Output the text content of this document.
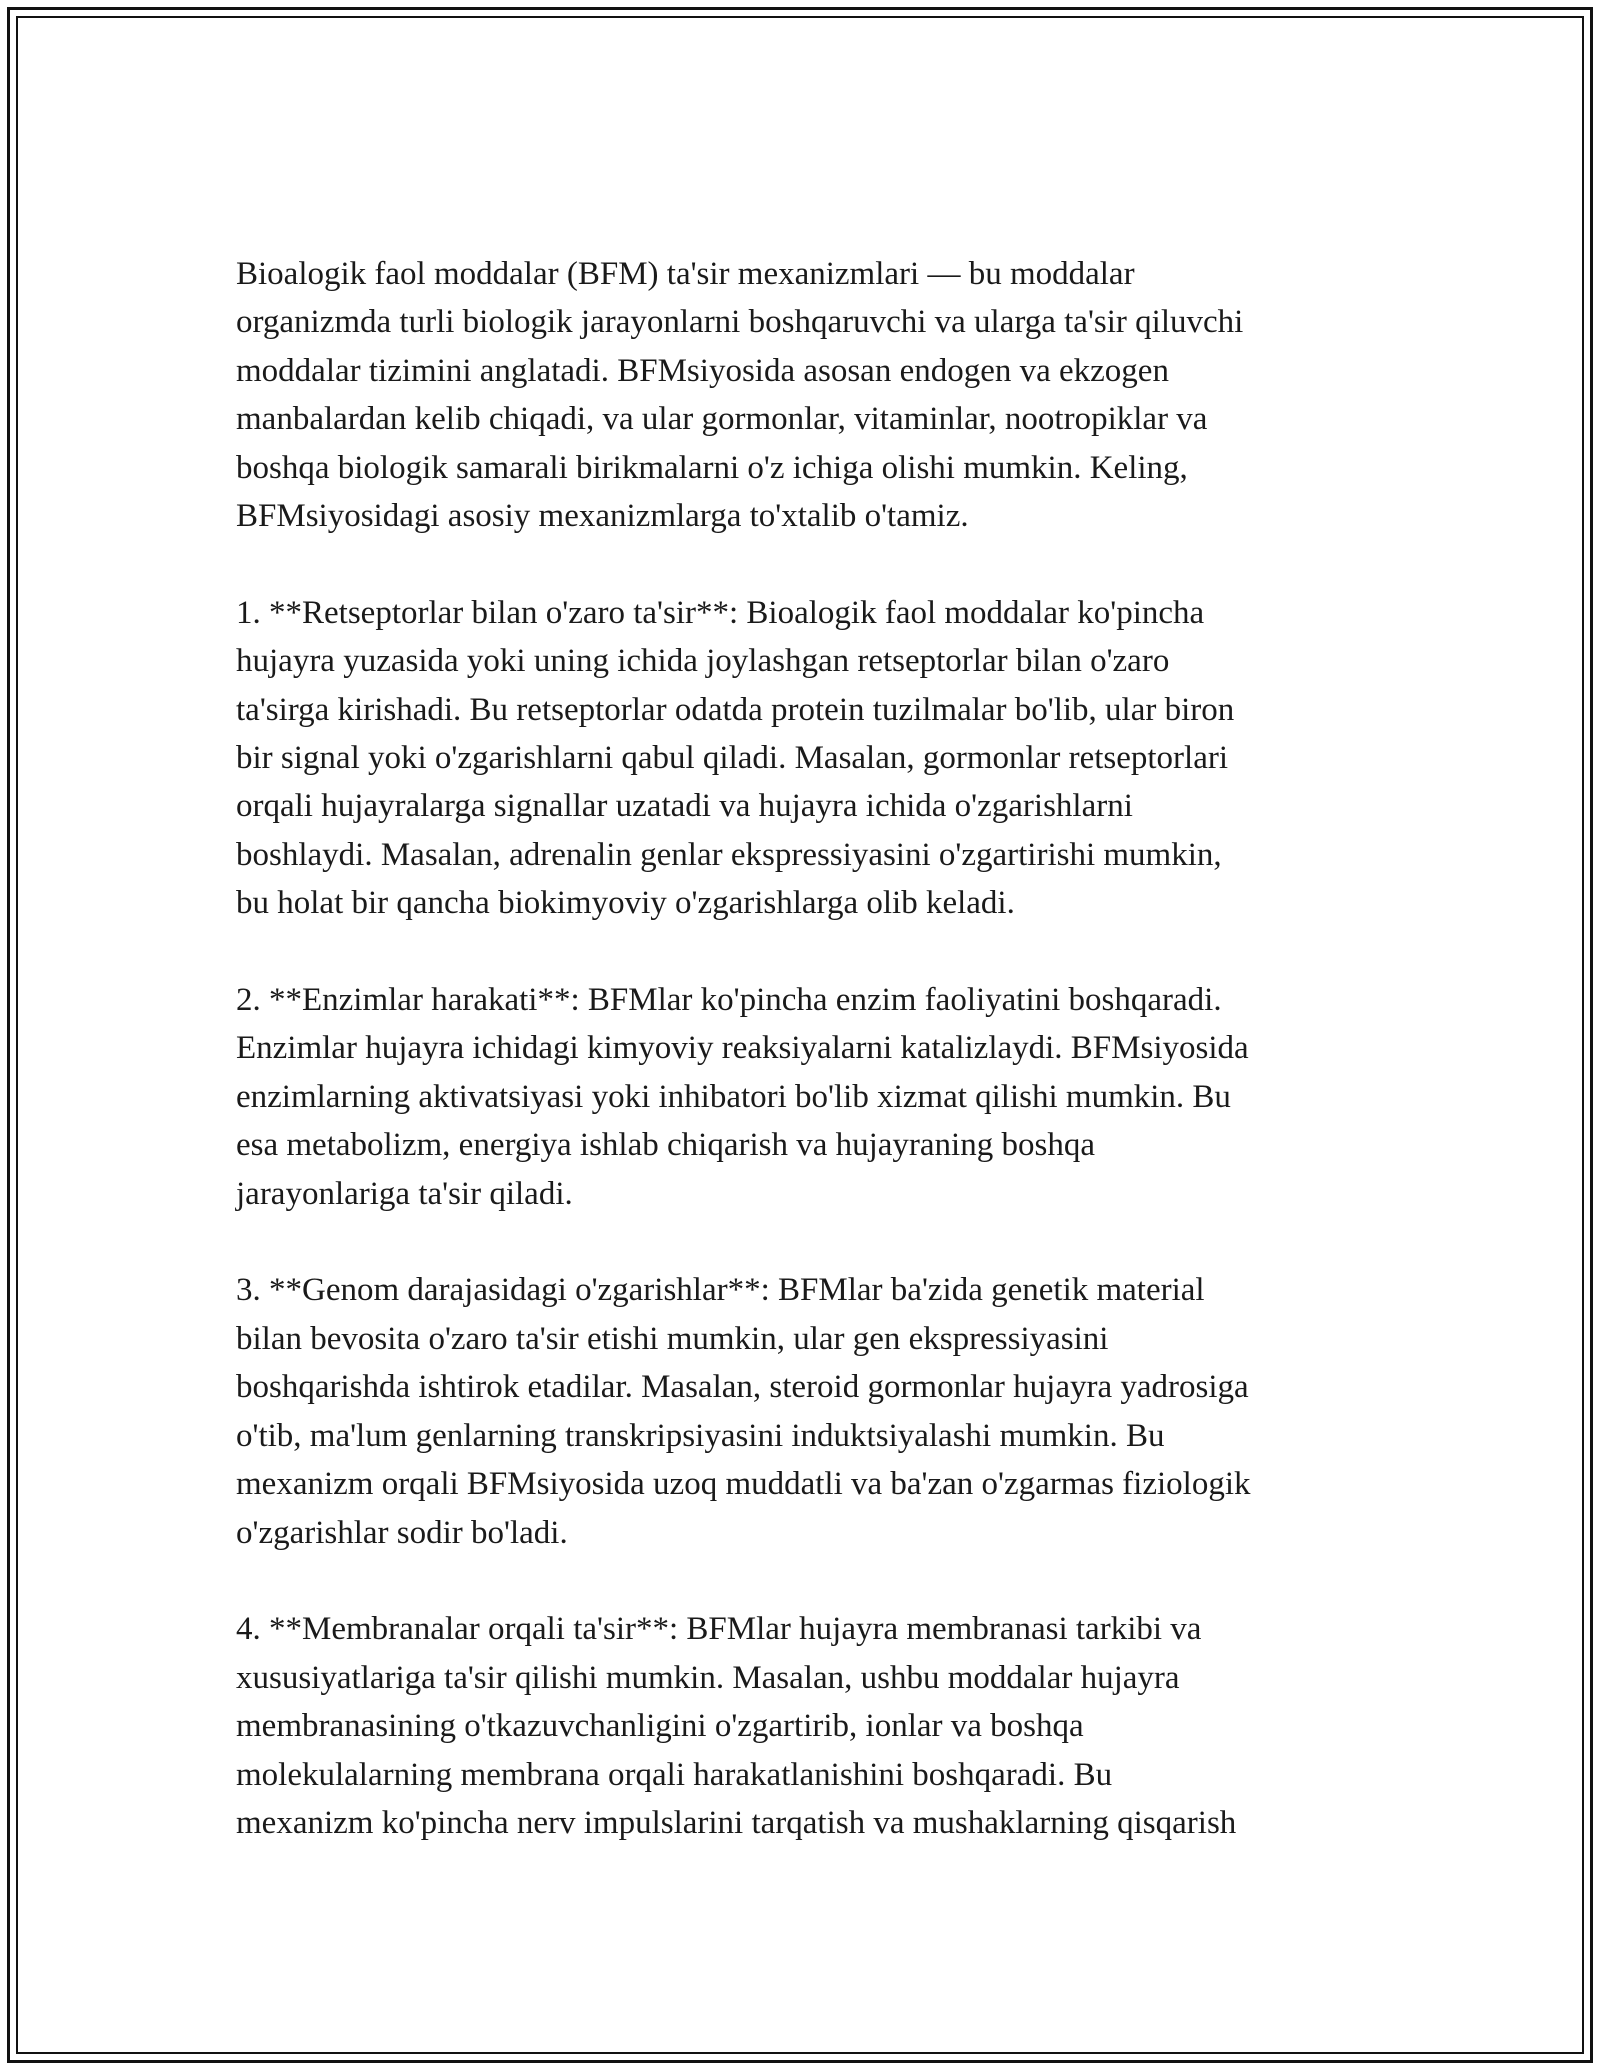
Bioalogik faol moddalar (BFM) ta'sir mexanizmlari — bu moddalar
organizmda turli biologik jarayonlarni boshqaruvchi va ularga ta'sir qiluvchi
moddalar tizimini anglatadi. BFMsiyosida asosan endogen va ekzogen
manbalardan kelib chiqadi, va ular gormonlar, vitaminlar, nootropiklar va
boshqa biologik samarali birikmalarni o'z ichiga olishi mumkin. Keling,
BFMsiyosidagi asosiy mexanizmlarga to'xtalib o'tamiz.

1. **Retseptorlar bilan o'zaro ta'sir**: Bioalogik faol moddalar ko'pincha
hujayra yuzasida yoki uning ichida joylashgan retseptorlar bilan o'zaro
ta'sirga kirishadi. Bu retseptorlar odatda protein tuzilmalar bo'lib, ular biron
bir signal yoki o'zgarishlarni qabul qiladi. Masalan, gormonlar retseptorlari
orqali hujayralarga signallar uzatadi va hujayra ichida o'zgarishlarni
boshlaydi. Masalan, adrenalin genlar ekspressiyasini o'zgartirishi mumkin,
bu holat bir qancha biokimyoviy o'zgarishlarga olib keladi.

2. **Enzimlar harakati**: BFMlar ko'pincha enzim faoliyatini boshqaradi.
Enzimlar hujayra ichidagi kimyoviy reaksiyalarni katalizlaydi. BFMsiyosida
enzimlarning aktivatsiyasi yoki inhibatori bo'lib xizmat qilishi mumkin. Bu
esa metabolizm, energiya ishlab chiqarish va hujayraning boshqa
jarayonlariga ta'sir qiladi.

3. **Genom darajasidagi o'zgarishlar**: BFMlar ba'zida genetik material
bilan bevosita o'zaro ta'sir etishi mumkin, ular gen ekspressiyasini
boshqarishda ishtirok etadilar. Masalan, steroid gormonlar hujayra yadrosiga
o'tib, ma'lum genlarning transkripsiyasini induktsiyalashi mumkin. Bu
mexanizm orqali BFMsiyosida uzoq muddatli va ba'zan o'zgarmas fiziologik
o'zgarishlar sodir bo'ladi.

4. **Membranalar orqali ta'sir**: BFMlar hujayra membranasi tarkibi va
xususiyatlariga ta'sir qilishi mumkin. Masalan, ushbu moddalar hujayra
membranasining o'tkazuvchanligini o'zgartirib, ionlar va boshqa
molekulalarning membrana orqali harakatlanishini boshqaradi. Bu
mexanizm ko'pincha nerv impulslarini tarqatish va mushaklarning qisqarish
